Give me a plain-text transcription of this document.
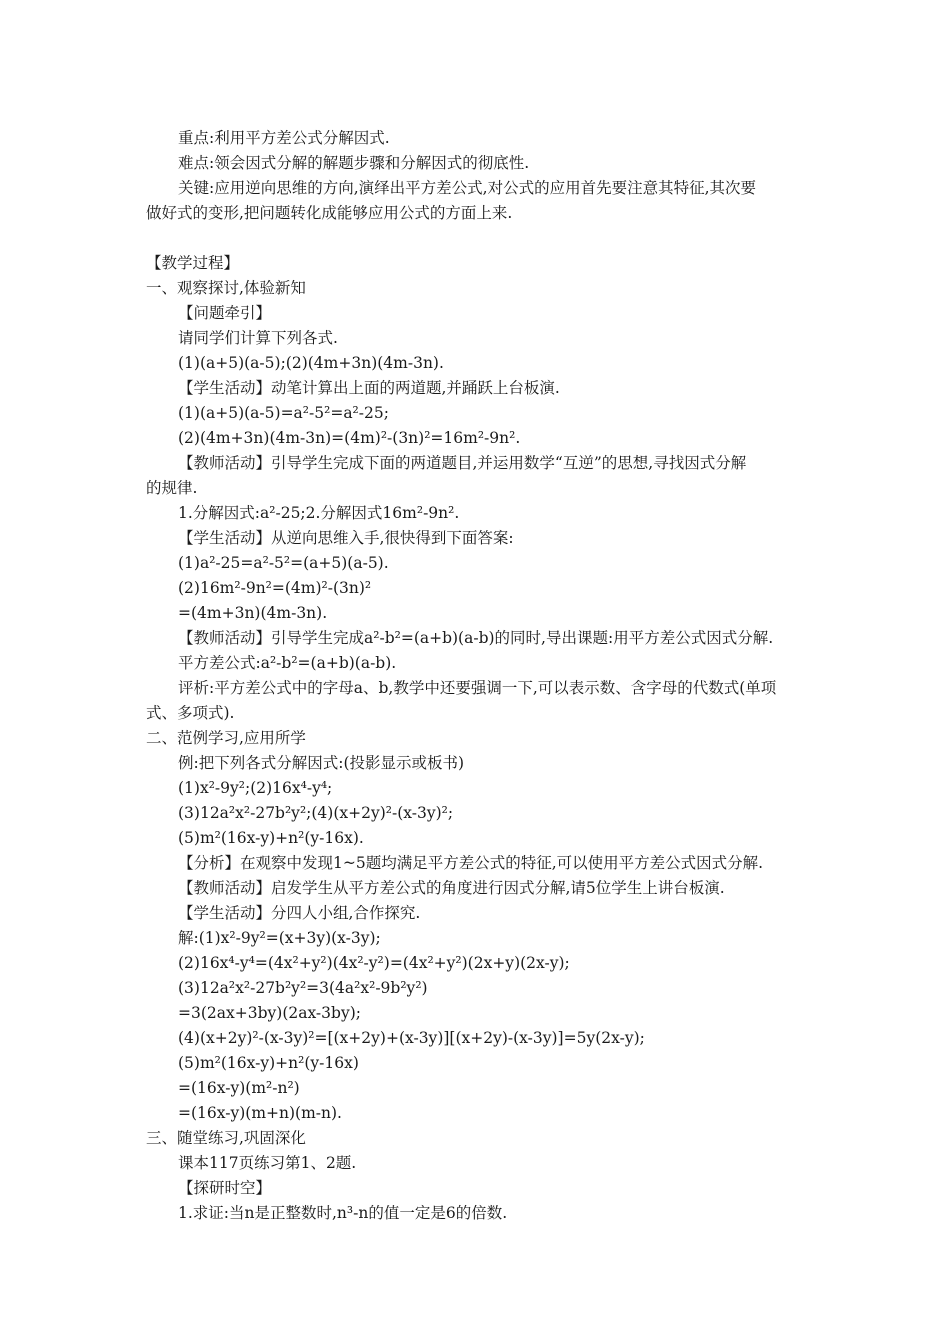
重点:利用平方差公式分解因式.
难点:领会因式分解的解题步骤和分解因式的彻底性.
关键:应用逆向思维的方向,演绎出平方差公式,对公式的应用首先要注意其特征,其次要
做好式的变形,把问题转化成能够应用公式的方面上来.
【教学过程】
一、观察探讨,体验新知
【问题牵引】
请同学们计算下列各式.
(1)(a+5)(a-5);(2)(4m+3n)(4m-3n).
【学生活动】动笔计算出上面的两道题,并踊跃上台板演.
(1)(a+5)(a-5)=a²-5²=a²-25;
(2)(4m+3n)(4m-3n)=(4m)²-(3n)²=16m²-9n².
【教师活动】引导学生完成下面的两道题目,并运用数学“互逆”的思想,寻找因式分解
的规律.
1.分解因式:a²-25;2.分解因式16m²-9n².
【学生活动】从逆向思维入手,很快得到下面答案:
(1)a²-25=a²-5²=(a+5)(a-5).
(2)16m²-9n²=(4m)²-(3n)²
=(4m+3n)(4m-3n).
【教师活动】引导学生完成a²-b²=(a+b)(a-b)的同时,导出课题:用平方差公式因式分解.
平方差公式:a²-b²=(a+b)(a-b).
评析:平方差公式中的字母a、b,教学中还要强调一下,可以表示数、含字母的代数式(单项
式、多项式).
二、范例学习,应用所学
例:把下列各式分解因式:(投影显示或板书)
(1)x²-9y²;(2)16x⁴-y⁴;
(3)12a²x²-27b²y²;(4)(x+2y)²-(x-3y)²;
(5)m²(16x-y)+n²(y-16x).
【分析】在观察中发现1~5题均满足平方差公式的特征,可以使用平方差公式因式分解.
【教师活动】启发学生从平方差公式的角度进行因式分解,请5位学生上讲台板演.
【学生活动】分四人小组,合作探究.
解:(1)x²-9y²=(x+3y)(x-3y);
(2)16x⁴-y⁴=(4x²+y²)(4x²-y²)=(4x²+y²)(2x+y)(2x-y);
(3)12a²x²-27b²y²=3(4a²x²-9b²y²)
=3(2ax+3by)(2ax-3by);
(4)(x+2y)²-(x-3y)²=[(x+2y)+(x-3y)][(x+2y)-(x-3y)]=5y(2x-y);
(5)m²(16x-y)+n²(y-16x)
=(16x-y)(m²-n²)
=(16x-y)(m+n)(m-n).
三、随堂练习,巩固深化
课本117页练习第1、2题.
【探研时空】
1.求证:当n是正整数时,n³-n的值一定是6的倍数.
